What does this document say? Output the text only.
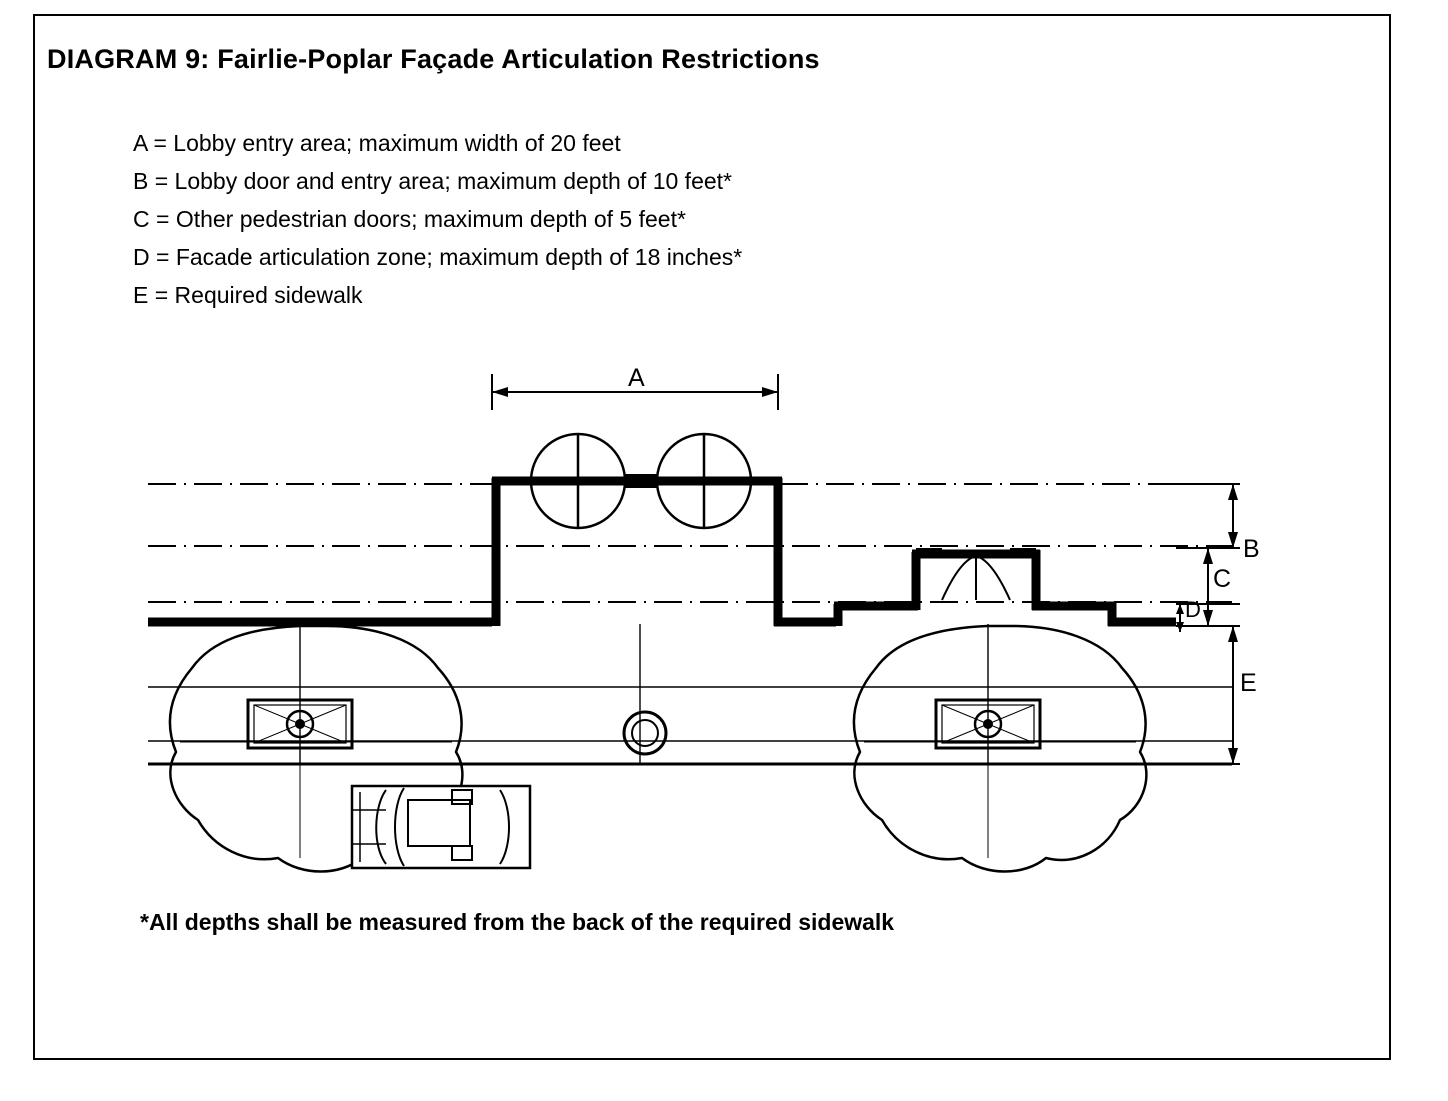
DIAGRAM 9: Fairlie-Poplar Façade Articulation Restrictions
A = Lobby entry area; maximum width of 20 feet
B = Lobby door and entry area; maximum depth of 10 feet*
C = Other pedestrian doors; maximum depth of 5 feet*
D = Facade articulation zone; maximum depth of 18 inches*
E = Required sidewalk
A
B
C
D
E
*All depths shall be measured from the back of the required sidewalk
